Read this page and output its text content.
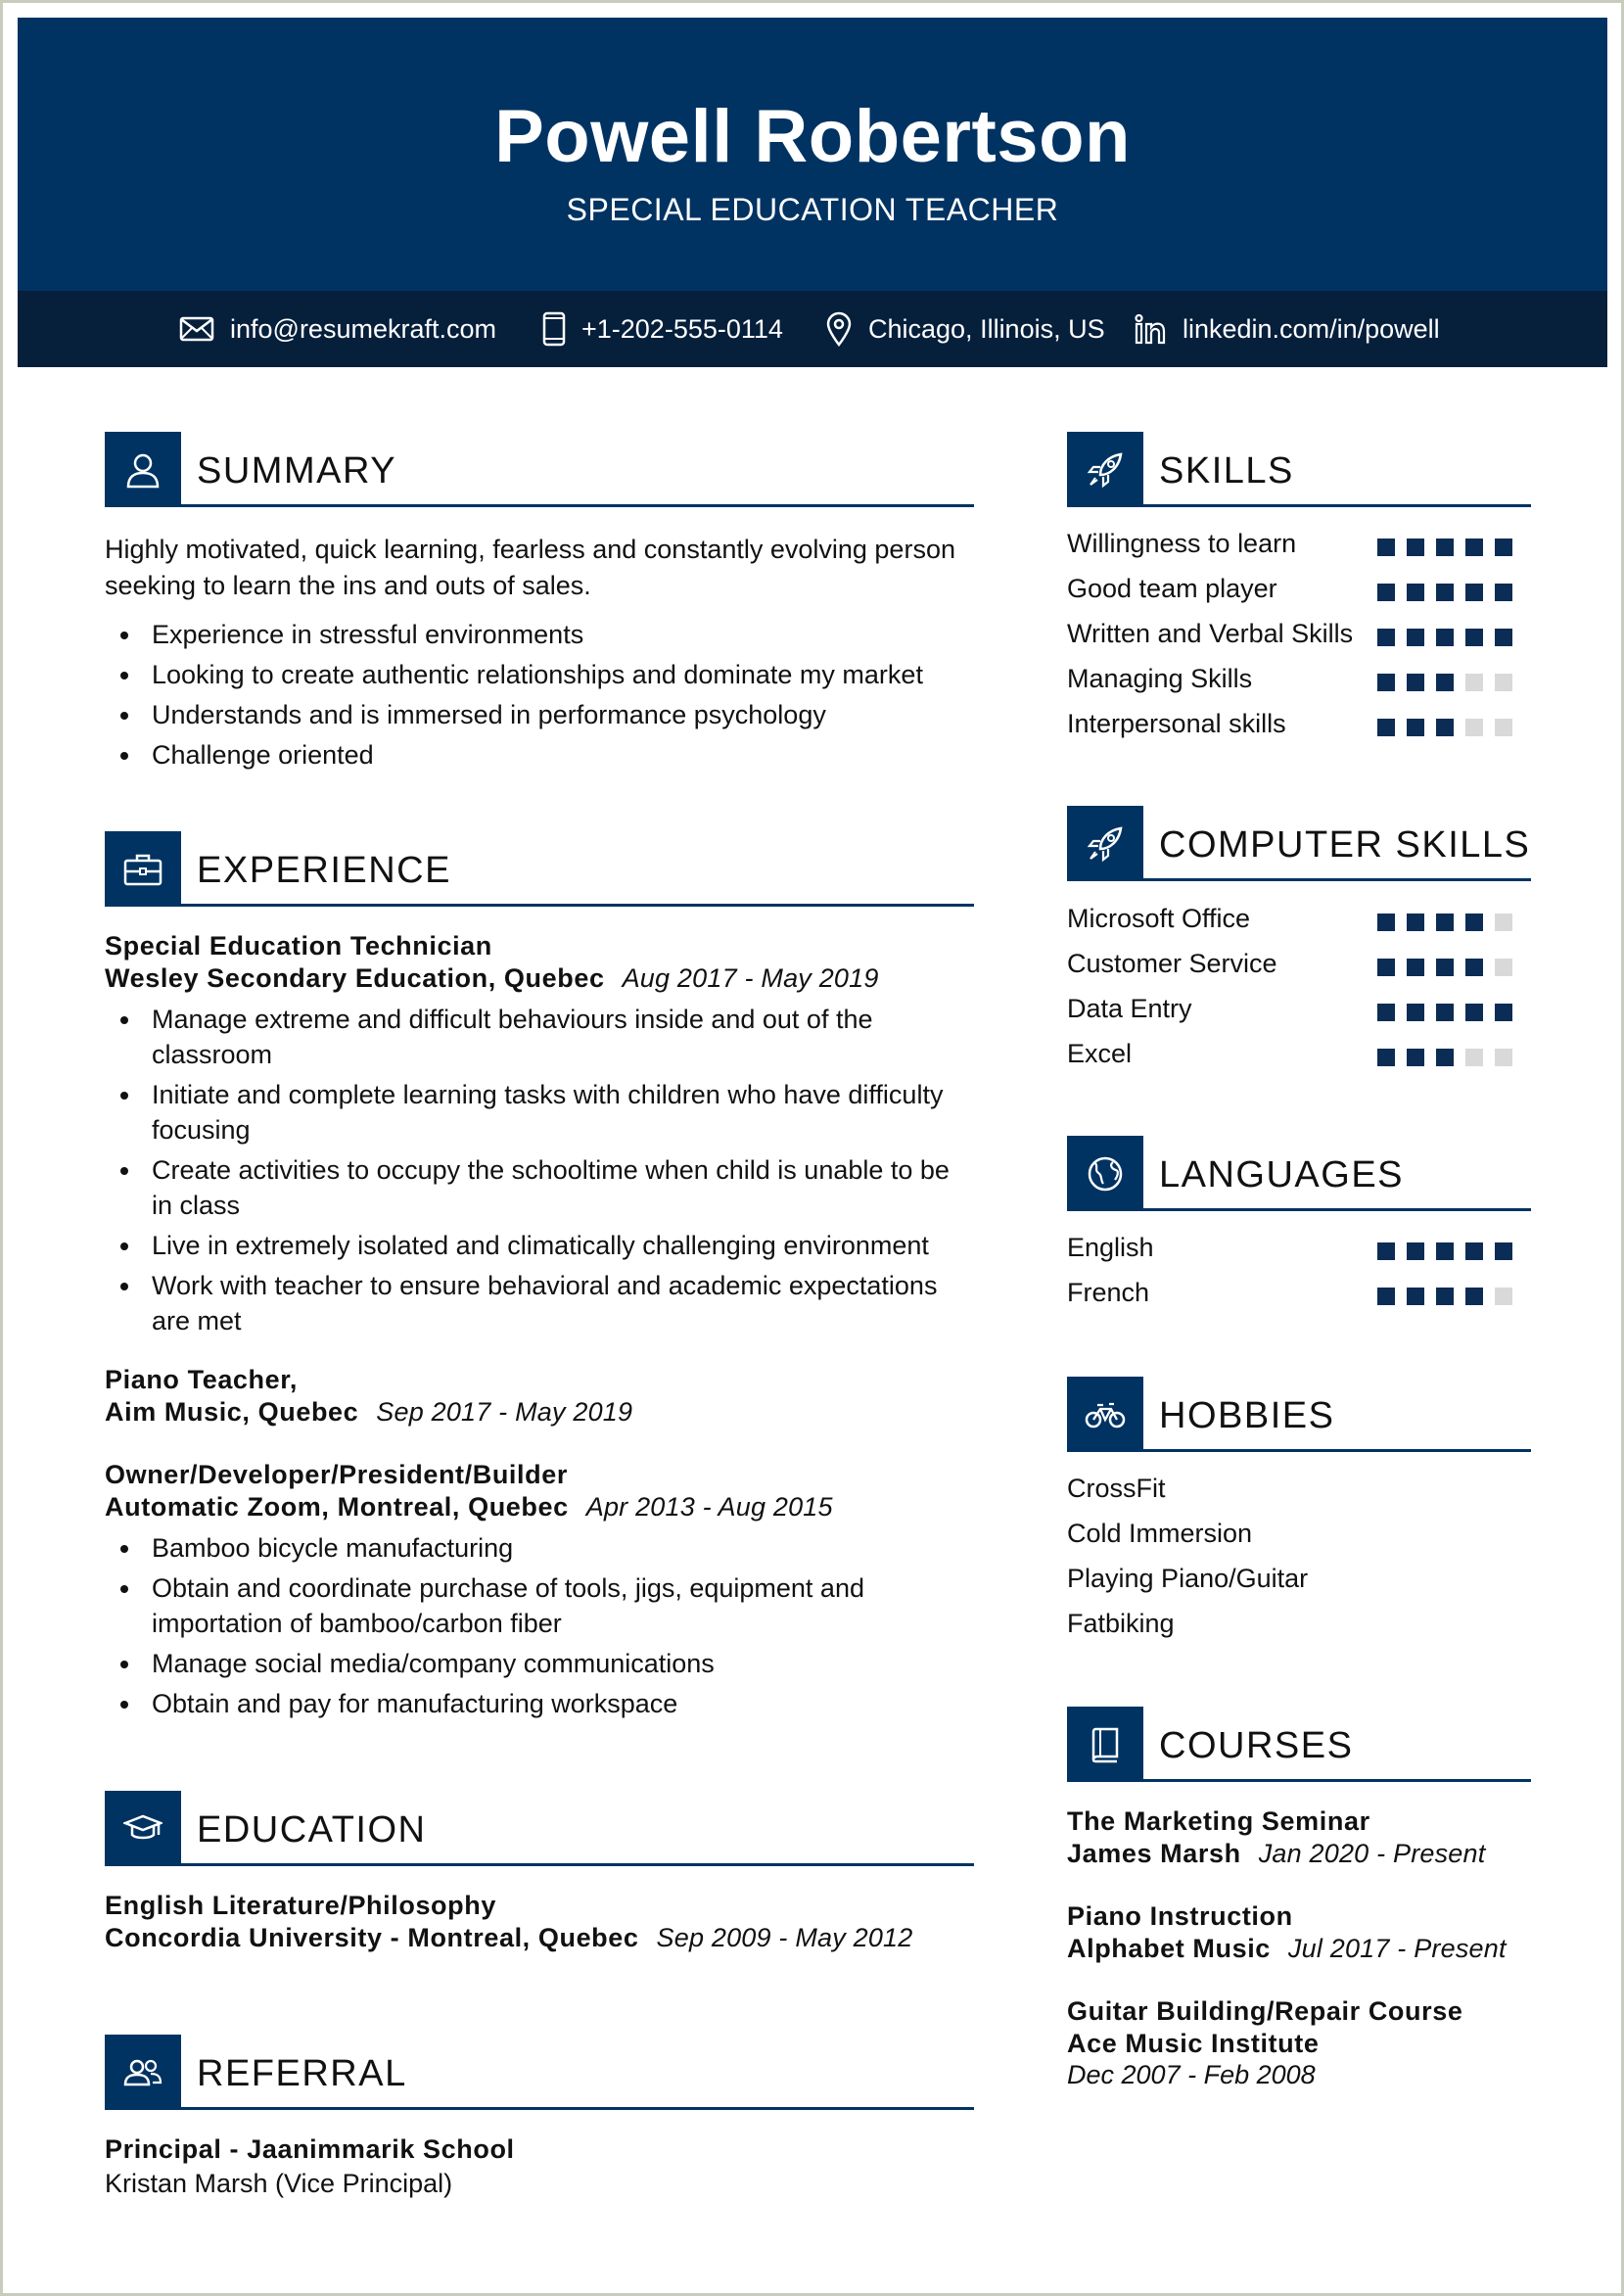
Powell Robertson
SPECIAL EDUCATION TEACHER
info@resumekraft.com	+1-202-555-0114	Chicago, Illinois, US	linkedin.com/in/powell
SUMMARY
Highly motivated, quick learning, fearless and constantly evolving person seeking to learn the ins and outs of sales.
Experience in stressful environments
Looking to create authentic relationships and dominate my market
Understands and is immersed in performance psychology
Challenge oriented
EXPERIENCE
Special Education Technician
Wesley Secondary Education, Quebec Aug 2017 - May 2019
Manage extreme and difficult behaviours inside and out of the classroom
Initiate and complete learning tasks with children who have difficulty focusing
Create activities to occupy the schooltime when child is unable to be in class
Live in extremely isolated and climatically challenging environment
Work with teacher to ensure behavioral and academic expectations are met
Piano Teacher,
Aim Music, Quebec Sep 2017 - May 2019
Owner/Developer/President/Builder
Automatic Zoom, Montreal, Quebec Apr 2013 - Aug 2015
Bamboo bicycle manufacturing
Obtain and coordinate purchase of tools, jigs, equipment and importation of bamboo/carbon fiber
Manage social media/company communications
Obtain and pay for manufacturing workspace
EDUCATION
English Literature/Philosophy
Concordia University - Montreal, Quebec Sep 2009 - May 2012
REFERRAL
Principal - Jaanimmarik School
Kristan Marsh (Vice Principal)
SKILLS
Willingness to learn
Good team player
Written and Verbal Skills
Managing Skills
Interpersonal skills
COMPUTER SKILLS
Microsoft Office
Customer Service
Data Entry
Excel
LANGUAGES
English
French
HOBBIES
CrossFit
Cold Immersion
Playing Piano/Guitar
Fatbiking
COURSES
The Marketing Seminar
James Marsh Jan 2020 - Present
Piano Instruction
Alphabet Music Jul 2017 - Present
Guitar Building/Repair Course
Ace Music Institute
Dec 2007 - Feb 2008
